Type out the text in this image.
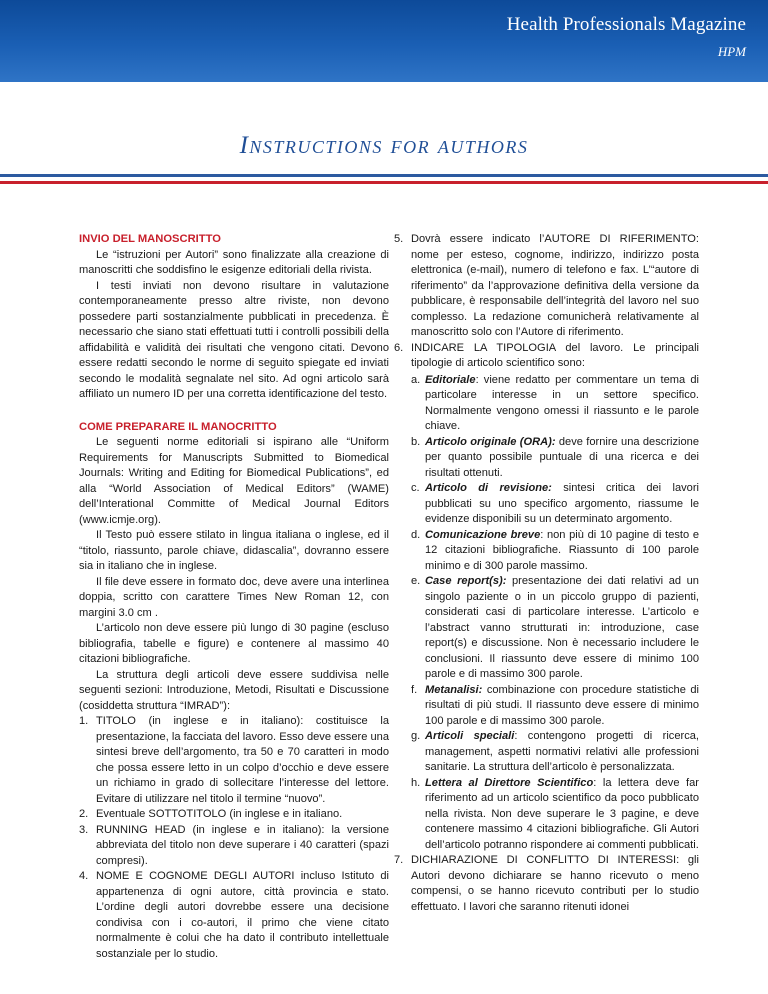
Health Professionals Magazine
HPM
Instructions for authors
INVIO DEL MANOSCRITTO

Le “istruzioni per Autori” sono finalizzate alla creazione di manoscritti che soddisfino le esigenze editoriali della rivista.

I testi inviati non devono risultare in valutazione contemporaneamente presso altre riviste, non devono possedere parti sostanzialmente pubblicati in precedenza. È necessario che siano stati effettuati tutti i controlli possibili della affidabilità e validità dei risultati che vengono citati. Devono essere redatti secondo le norme di seguito spiegate ed inviati secondo le modalità segnalate nel sito. Ad ogni articolo sarà affiliato un numero ID per una corretta identificazione del testo.

COME PREPARARE IL MANOCRITTO

Le seguenti norme editoriali si ispirano alle “Uniform Requirements for Manuscripts Submitted to Biomedical Journals: Writing and Editing for Biomedical Publications”, ed alla “World Association of Medical Editors” (WAME) dell’Interational Committe of Medical Journal Editors (www.icmje.org).

Il Testo può essere stilato in lingua italiana o inglese, ed il “titolo, riassunto, parole chiave, didascalia”, dovranno essere sia in italiano che in inglese.

Il file deve essere in formato doc, deve avere una interlinea doppia, scritto con carattere Times New Roman 12, con margini 3.0 cm .

L’articolo non deve essere più lungo di 30 pagine (escluso bibliografia, tabelle e figure) e contenere al massimo 40 citazioni bibliografiche.

La struttura degli articoli deve essere suddivisa nelle seguenti sezioni: Introduzione, Metodi, Risultati e Discussione (cosiddetta struttura “IMRAD”):

1. TITOLO (in inglese e in italiano): costituisce la presentazione, la facciata del lavoro. Esso deve essere una sintesi breve dell’argomento, tra 50 e 70 caratteri in modo che possa essere letto in un colpo d’occhio e deve essere un richiamo in grado di sollecitare l’interesse del lettore. Evitare di utilizzare nel titolo il termine “nuovo”.
2. Eventuale SOTTOTITOLO (in inglese e in italiano.
3. RUNNING HEAD (in inglese e in italiano): la versione abbreviata del titolo non deve superare i 40 caratteri (spazi compresi).
4. NOME E COGNOME DEGLI AUTORI incluso Istituto di appartenenza di ogni autore, città provincia e stato. L’ordine degli autori dovrebbe essere una decisione condivisa con i co-autori, il primo che viene citato normalmente è colui che ha dato il contributo intellettuale sostanziale per lo studio.
5. Dovrà essere indicato l’AUTORE DI RIFERIMENTO: nome per esteso, cognome, indirizzo, indirizzo posta elettronica (e-mail), numero di telefono e fax. L’“autore di riferimento” da l’approvazione definitiva della versione da pubblicare, è responsabile dell’integrità del lavoro nel suo complesso. La redazione comunicherà relativamente al manoscritto solo con l’Autore di riferimento.
6. INDICARE LA TIPOLOGIA del lavoro. Le principali tipologie di articolo scientifico sono:
a. Editoriale: viene redatto per commentare un tema di particolare interesse in un settore specifico. Normalmente vengono omessi il riassunto e le parole chiave.
b. Articolo originale (ORA): deve fornire una descrizione per quanto possibile puntuale di una ricerca e dei risultati ottenuti.
c. Articolo di revisione: sintesi critica dei lavori pubblicati su uno specifico argomento, riassume le evidenze disponibili su un determinato argomento.
d. Comunicazione breve: non più di 10 pagine di testo e 12 citazioni bibliografiche. Riassunto di 100 parole minimo e di 300 parole massimo.
e. Case report(s): presentazione dei dati relativi ad un singolo paziente o in un piccolo gruppo di pazienti, considerati casi di particolare interesse. L’articolo e l’abstract vanno strutturati in: introduzione, case report(s) e discussione. Non è necessario includere le conclusioni. Il riassunto deve essere di minimo 100 parole e di massimo 300 parole.
f. Metanalisi: combinazione con procedure statistiche di risultati di più studi. Il riassunto deve essere di minimo 100 parole e di massimo 300 parole.
g. Articoli speciali: contengono progetti di ricerca, management, aspetti normativi relativi alle professioni sanitarie. La struttura dell’articolo è personalizzata.
h. Lettera al Direttore Scientifico: la lettera deve far riferimento ad un articolo scientifico da poco pubblicato nella rivista. Non deve superare le 3 pagine, e deve contenere massimo 4 citazioni bibliografiche. Gli Autori dell’articolo potranno rispondere ai commenti pubblicati.
7. DICHIARAZIONE DI CONFLITTO DI INTERESSI: gli Autori devono dichiarare se hanno ricevuto o meno compensi, o se hanno ricevuto contributi per lo studio effettuato. I lavori che saranno ritenuti idonei
